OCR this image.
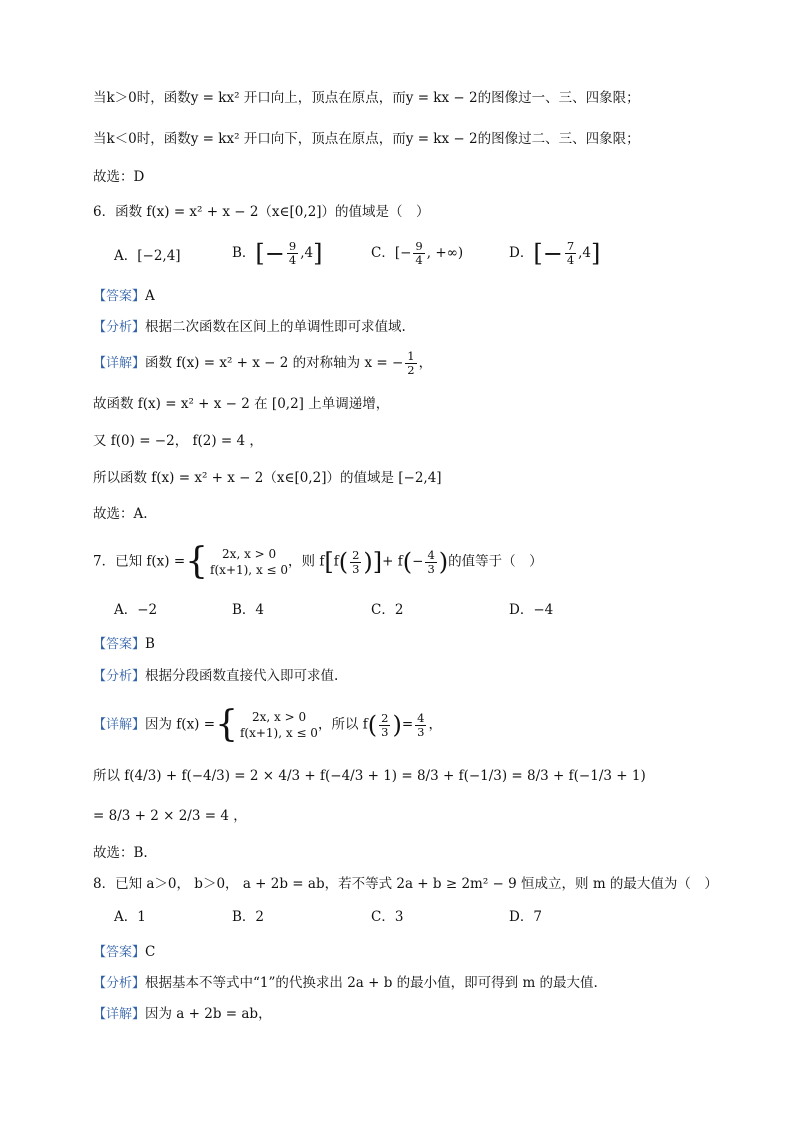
当k＞0时，函数y = kx² 开口向上，顶点在原点，而y = kx − 2的图像过一、三、四象限；
当k＜0时，函数y = kx² 开口向下，顶点在原点，而y = kx − 2的图像过二、三、四象限；
故选：D
6．函数 f(x) = x² + x − 2（x∈[0,2]）的值域是（　）
A．[−2,4]	B．[− $\frac{9}{4} ,4$]	C．[− $\frac{9}{4}$ , +∞)	D．[− $\frac{7}{4} ,4$]
【答案】A
【分析】根据二次函数在区间上的单调性即可求值域.
【详解】函数 f(x) = x² + x − 2 的对称轴为 x = − $\frac{1}{2}$ ，
故函数 f(x) = x² + x − 2 在 [0,2] 上单调递增，
又 f(0) = −2， f(2) = 4 ，
所以函数 f(x) = x² + x − 2（x∈[0,2]）的值域是 [−2,4]
故选：A.
7．已知 f(x) ={	2x, x > 0
f(x+1), x ≤ 0
，则 $f[f( \frac{2}{3}$ )]+ $f(- \frac{4}{3}$ )的值等于（　）
A．−2	B．4	C．2	D．−4
【答案】B
【分析】根据分段函数直接代入即可求值.
【详解】因为 f(x) ={	2x, x > 0
f(x+1), x ≤ 0
，所以 $f( \frac{2}{3}$ )= $\frac{4}{3}$ ，
所以 f(4/3) + f(−4/3) = 2 × 4/3 + f(−4/3 + 1) = 8/3 + f(−1/3) = 8/3 + f(−1/3 + 1)
= 8/3 + 2 × 2/3 = 4 ，
故选：B.
8．已知 a＞0， b＞0， a + 2b = ab，若不等式 2a + b ≥ 2m² − 9 恒成立，则 m 的最大值为（　）
A．1	B．2	C．3	D．7
【答案】C
【分析】根据基本不等式中“1”的代换求出 2a + b 的最小值，即可得到 m 的最大值.
【详解】因为 a + 2b = ab，
